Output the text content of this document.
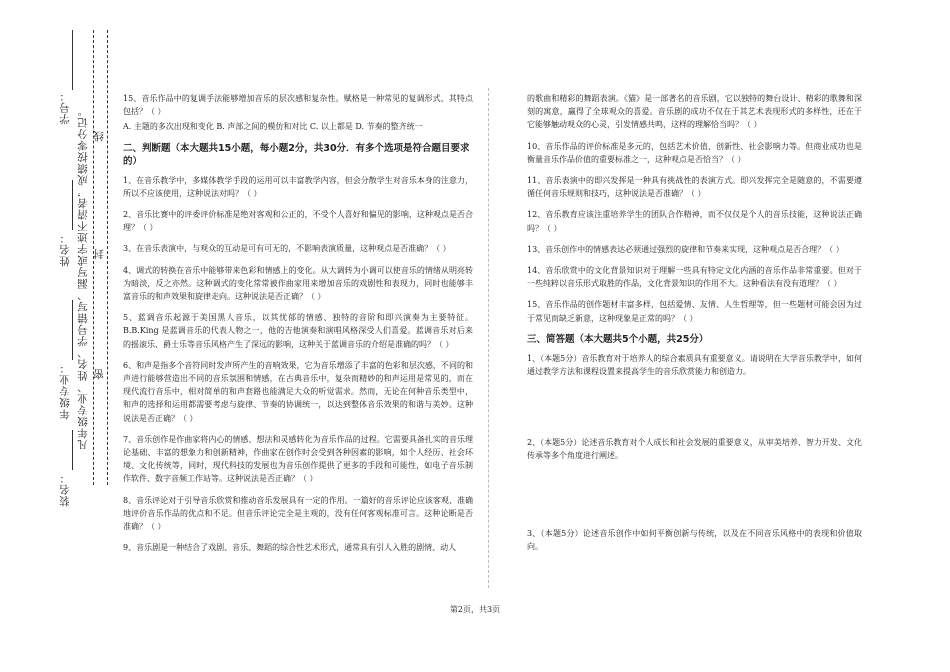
学号：
线
姓名： 凡年级专业、姓名、学号错写、漏写或字迹不清者，成绩按零分记。 封
年级专业： 密
装名：

15、音乐作品中的复调手法能够增加音乐的层次感和复杂性。赋格是一种常见的复调形式，其特点包括？（ ）

A. 主题的多次出现和变化 B. 声部之间的模仿和对比 C. 以上都是 D. 节奏的整齐统一

二、判断题（本大题共15小题，每小题2分，共30分．有多个选项是符合题目要求的）

1、在音乐教学中，多媒体教学手段的运用可以丰富教学内容，但会分散学生对音乐本身的注意力，所以不应该使用，这种说法对吗？（ ）

2、音乐比赛中的评委评价标准是绝对客观和公正的，不受个人喜好和偏见的影响，这种观点是否合理？（ ）

3、在音乐表演中，与观众的互动是可有可无的，不影响表演质量，这种观点是否准确？（ ）

4、调式的转换在音乐中能够带来色彩和情感上的变化。从大调转为小调可以使音乐的情绪从明亮转为暗淡，反之亦然。这种调式的变化常常被作曲家用来增加音乐的戏剧性和表现力，同时也能够丰富音乐的和声效果和旋律走向。这种说法是否正确？（ ）

5、蓝调音乐起源于美国黑人音乐，以其忧郁的情感、独特的音阶和即兴演奏为主要特征。B.B.King 是蓝调音乐的代表人物之一，他的吉他演奏和演唱风格深受人们喜爱。蓝调音乐对后来的摇滚乐、爵士乐等音乐风格产生了深远的影响，这种关于蓝调音乐的介绍是准确的吗？（ ）

6、和声是指多个音符同时发声所产生的音响效果，它为音乐增添了丰富的色彩和层次感，不同的和声进行能够营造出不同的音乐氛围和情感，在古典音乐中，复杂而精妙的和声运用是常见的，而在现代流行音乐中，相对简单的和声套路也能满足大众的听觉需求。然而，无论在何种音乐类型中，和声的选择和运用都需要考虑与旋律、节奏的协调统一，以达到整体音乐效果的和谐与美妙。这种说法是否正确？（ ）

7、音乐创作是作曲家将内心的情感、想法和灵感转化为音乐作品的过程。它需要具备扎实的音乐理论基础、丰富的想象力和创新精神，作曲家在创作时会受到各种因素的影响，如个人经历、社会环境、文化传统等，同时，现代科技的发展也为音乐创作提供了更多的手段和可能性，如电子音乐制作软件、数字音频工作站等。这种说法是否正确？（ ）

8、音乐评论对于引导音乐欣赏和推动音乐发展具有一定的作用。一篇好的音乐评论应该客观、准确地评价音乐作品的优点和不足。但音乐评论完全是主观的，没有任何客观标准可言。这种论断是否准确？（ ）

9、音乐剧是一种结合了戏剧、音乐、舞蹈的综合性艺术形式，通常具有引人入胜的剧情、动人

的歌曲和精彩的舞蹈表演。《猫》是一部著名的音乐剧，它以独特的舞台设计、精彩的歌舞和深刻的寓意，赢得了全球观众的喜爱。音乐剧的成功不仅在于其艺术表现形式的多样性，还在于它能够触动观众的心灵，引发情感共鸣，这样的理解恰当吗？（ ）

10、音乐作品的评价标准是多元的，包括艺术价值、创新性、社会影响力等。但商业成功也是衡量音乐作品价值的重要标准之一，这种观点是否恰当？（ ）

11、音乐表演中的即兴发挥是一种具有挑战性的表演方式。即兴发挥完全是随意的，不需要遵循任何音乐规则和技巧，这种说法是否准确？（ ）

12、音乐教育应该注重培养学生的团队合作精神，而不仅仅是个人的音乐技能，这种说法正确吗？（ ）

13、音乐创作中的情感表达必须通过强烈的旋律和节奏来实现，这种观点是否合理？（ ）

14、音乐欣赏中的文化背景知识对于理解一些具有特定文化内涵的音乐作品非常重要。但对于一些纯粹以音乐形式取胜的作品，文化背景知识的作用不大。这种看法有没有道理？（ ）

15、音乐作品的创作题材丰富多样，包括爱情、友情、人生哲理等，但一些题材可能会因为过于常见而缺乏新意，这种现象是正常的吗？（ ）

三、简答题（本大题共5个小题，共25分）

1、（本题5分）音乐教育对于培养人的综合素质具有重要意义。请说明在大学音乐教学中，如何通过教学方法和课程设置来提高学生的音乐欣赏能力和创造力。

2、（本题5分）论述音乐教育对个人成长和社会发展的重要意义，从审美培养、智力开发、文化传承等多个角度进行阐述。

3、（本题5分）论述音乐创作中如何平衡创新与传统，以及在不同音乐风格中的表现和价值取向。

第2页，共3页
